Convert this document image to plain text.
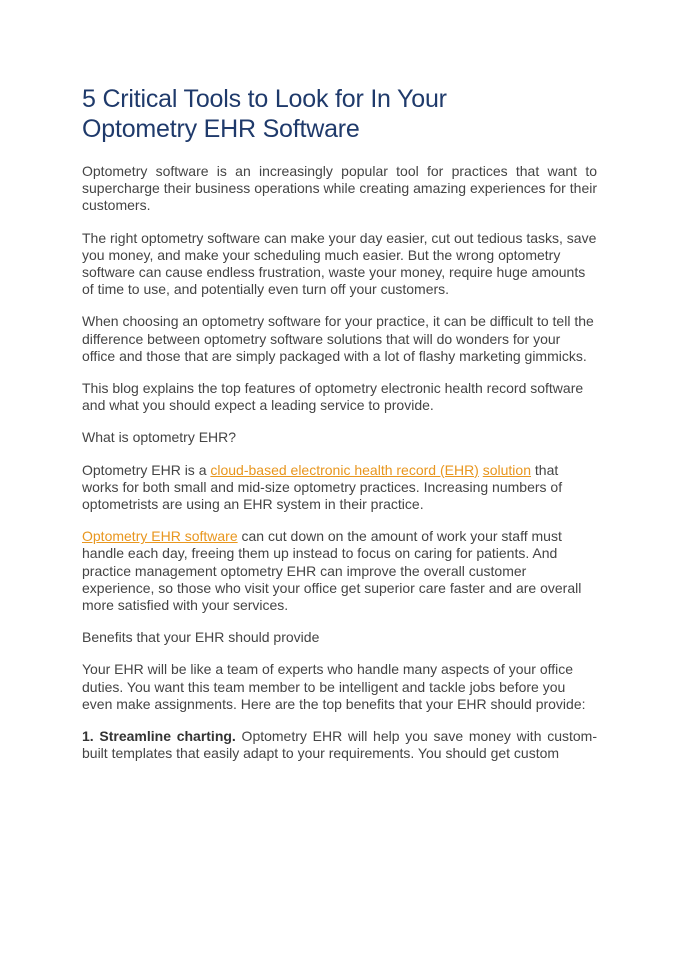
5 Critical Tools to Look for In Your
Optometry EHR Software

Optometry software is an increasingly popular tool for practices that want to supercharge their business operations while creating amazing experiences for their customers.

The right optometry software can make your day easier, cut out tedious tasks, save you money, and make your scheduling much easier. But the wrong optometry software can cause endless frustration, waste your money, require huge amounts of time to use, and potentially even turn off your customers.

When choosing an optometry software for your practice, it can be difficult to tell the difference between optometry software solutions that will do wonders for your office and those that are simply packaged with a lot of flashy marketing gimmicks.

This blog explains the top features of optometry electronic health record software and what you should expect a leading service to provide.

What is optometry EHR?

Optometry EHR is a cloud-based electronic health record (EHR) solution that works for both small and mid-size optometry practices. Increasing numbers of optometrists are using an EHR system in their practice.

Optometry EHR software can cut down on the amount of work your staff must handle each day, freeing them up instead to focus on caring for patients. And practice management optometry EHR can improve the overall customer experience, so those who visit your office get superior care faster and are overall more satisfied with your services.

Benefits that your EHR should provide

Your EHR will be like a team of experts who handle many aspects of your office duties. You want this team member to be intelligent and tackle jobs before you even make assignments. Here are the top benefits that your EHR should provide:

1. Streamline charting. Optometry EHR will help you save money with custom-built templates that easily adapt to your requirements. You should get custom
